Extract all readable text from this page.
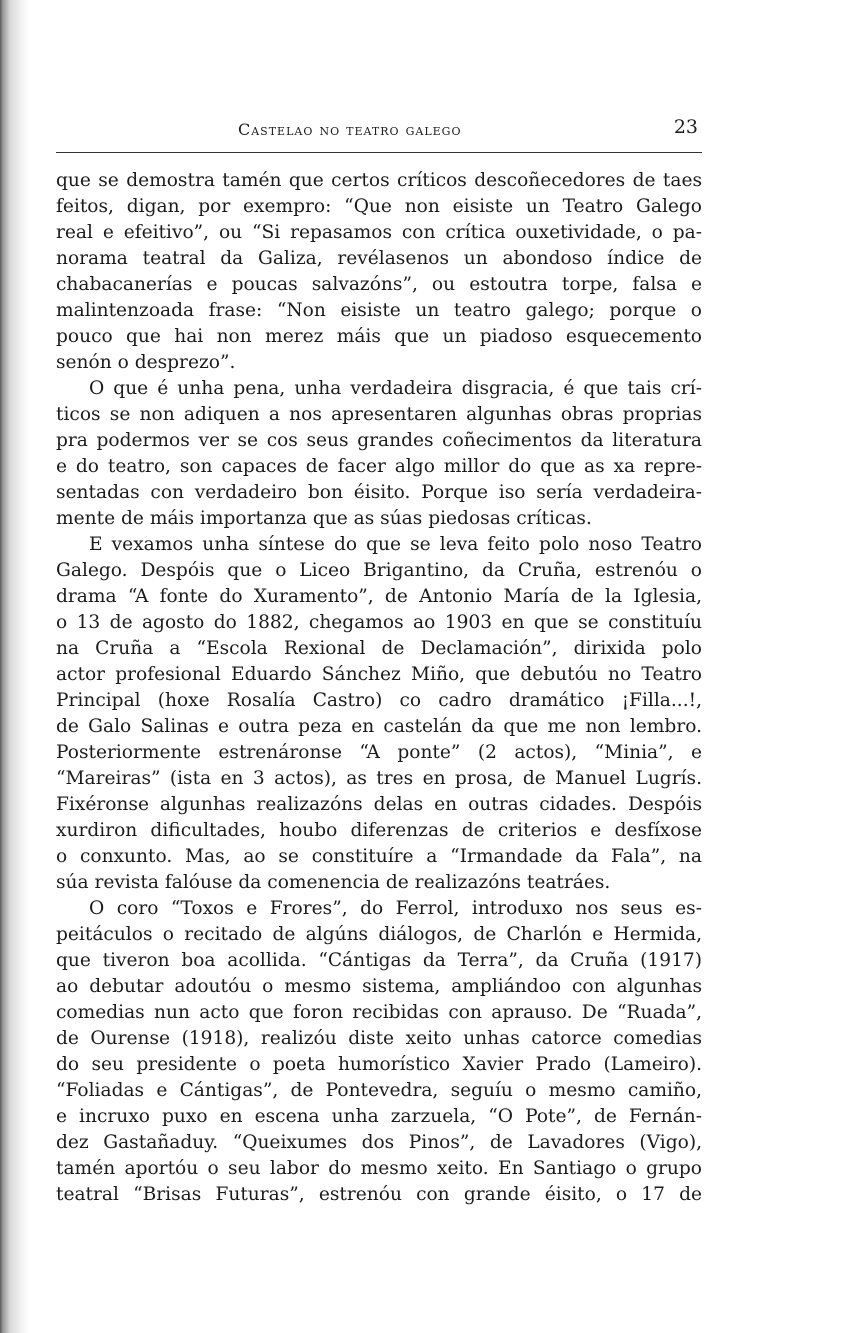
Castelao no teatro galego	23
que se demostra tamén que certos críticos descoñecedores de taes
feitos, digan, por exempro: “Que non eisiste un Teatro Galego
real e efeitivo”, ou “Si repasamos con crítica ouxetividade, o pa-
norama teatral da Galiza, revélasenos un abondoso índice de
chabacanerías e poucas salvazóns”, ou estoutra torpe, falsa e
malintenzoada frase: “Non eisiste un teatro galego; porque o
pouco que hai non merez máis que un piadoso esquecemento
senón o desprezo”.
O que é unha pena, unha verdadeira disgracia, é que tais crí-
ticos se non adiquen a nos apresentaren algunhas obras proprias
pra podermos ver se cos seus grandes coñecimentos da literatura
e do teatro, son capaces de facer algo millor do que as xa repre-
sentadas con verdadeiro bon éisito. Porque iso sería verdadeira-
mente de máis importanza que as súas piedosas críticas.
E vexamos unha síntese do que se leva feito polo noso Teatro
Galego. Despóis que o Liceo Brigantino, da Cruña, estrenóu o
drama “A fonte do Xuramento”, de Antonio María de la Iglesia,
o 13 de agosto do 1882, chegamos ao 1903 en que se constituíu
na Cruña a “Escola Rexional de Declamación”, dirixida polo
actor profesional Eduardo Sánchez Miño, que debutóu no Teatro
Principal (hoxe Rosalía Castro) co cadro dramático ¡Filla...!,
de Galo Salinas e outra peza en castelán da que me non lembro.
Posteriormente estrenáronse “A ponte” (2 actos), “Minia”, e
“Mareiras” (ista en 3 actos), as tres en prosa, de Manuel Lugrís.
Fixéronse algunhas realizazóns delas en outras cidades. Despóis
xurdiron dificultades, houbo diferenzas de criterios e desfíxose
o conxunto. Mas, ao se constituíre a “Irmandade da Fala”, na
súa revista falóuse da comenencia de realizazóns teatráes.
O coro “Toxos e Frores”, do Ferrol, introduxo nos seus es-
peitáculos o recitado de algúns diálogos, de Charlón e Hermida,
que tiveron boa acollida. “Cántigas da Terra”, da Cruña (1917)
ao debutar adoutóu o mesmo sistema, ampliándoo con algunhas
comedias nun acto que foron recibidas con aprauso. De “Ruada”,
de Ourense (1918), realizóu diste xeito unhas catorce comedias
do seu presidente o poeta humorístico Xavier Prado (Lameiro).
“Foliadas e Cántigas”, de Pontevedra, seguíu o mesmo camiño,
e incruxo puxo en escena unha zarzuela, “O Pote”, de Fernán-
dez Gastañaduy. “Queixumes dos Pinos”, de Lavadores (Vigo),
tamén aportóu o seu labor do mesmo xeito. En Santiago o grupo
teatral “Brisas Futuras”, estrenóu con grande éisito, o 17 de
